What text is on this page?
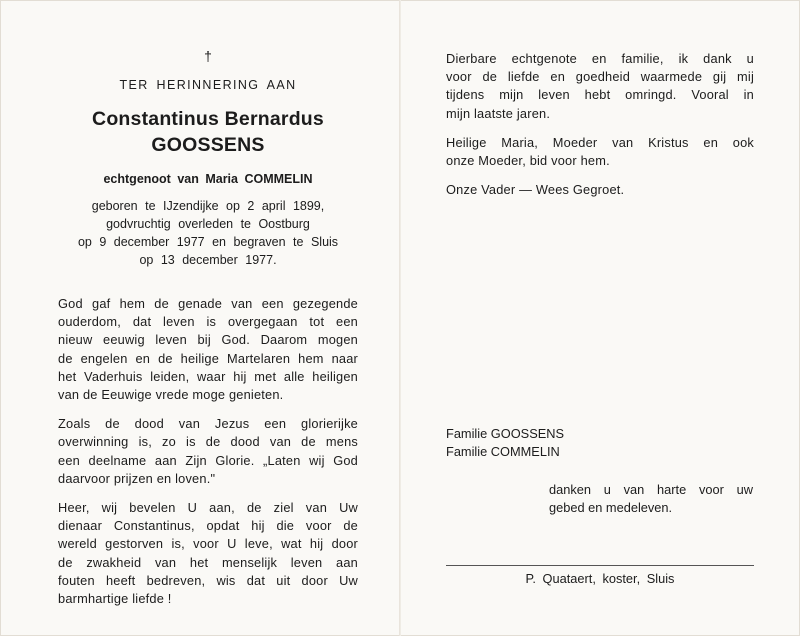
†
TER HERINNERING AAN
Constantinus Bernardus
GOOSSENS
echtgenoot van Maria COMMELIN
geboren te IJzendijke op 2 april 1899,
godvruchtig overleden te Oostburg
op 9 december 1977 en begraven te Sluis
op 13 december 1977.

God gaf hem de genade van een gezegende
ouderdom, dat leven is overgegaan tot een
nieuw eeuwig leven bij God. Daarom mogen
de engelen en de heilige Martelaren hem naar
het Vaderhuis leiden, waar hij met alle heiligen
van de Eeuwige vrede moge genieten.

Zoals de dood van Jezus een glorierijke
overwinning is, zo is de dood van de mens
een deelname aan Zijn Glorie. „Laten wij God
daarvoor prijzen en loven."

Heer, wij bevelen U aan, de ziel van Uw
dienaar Constantinus, opdat hij die voor de
wereld gestorven is, voor U leve, wat hij door
de zwakheid van het menselijk leven aan
fouten heeft bedreven, wis dat uit door Uw
barmhartige liefde !

Dierbare echtgenote en familie, ik dank u
voor de liefde en goedheid waarmede gij mij
tijdens mijn leven hebt omringd. Vooral in
mijn laatste jaren.

Heilige Maria, Moeder van Kristus en ook
onze Moeder, bid voor hem.

Onze Vader — Wees Gegroet.

Familie GOOSSENS
Familie COMMELIN
danken u van harte voor uw
gebed en medeleven.
P. Quataert, koster, Sluis
